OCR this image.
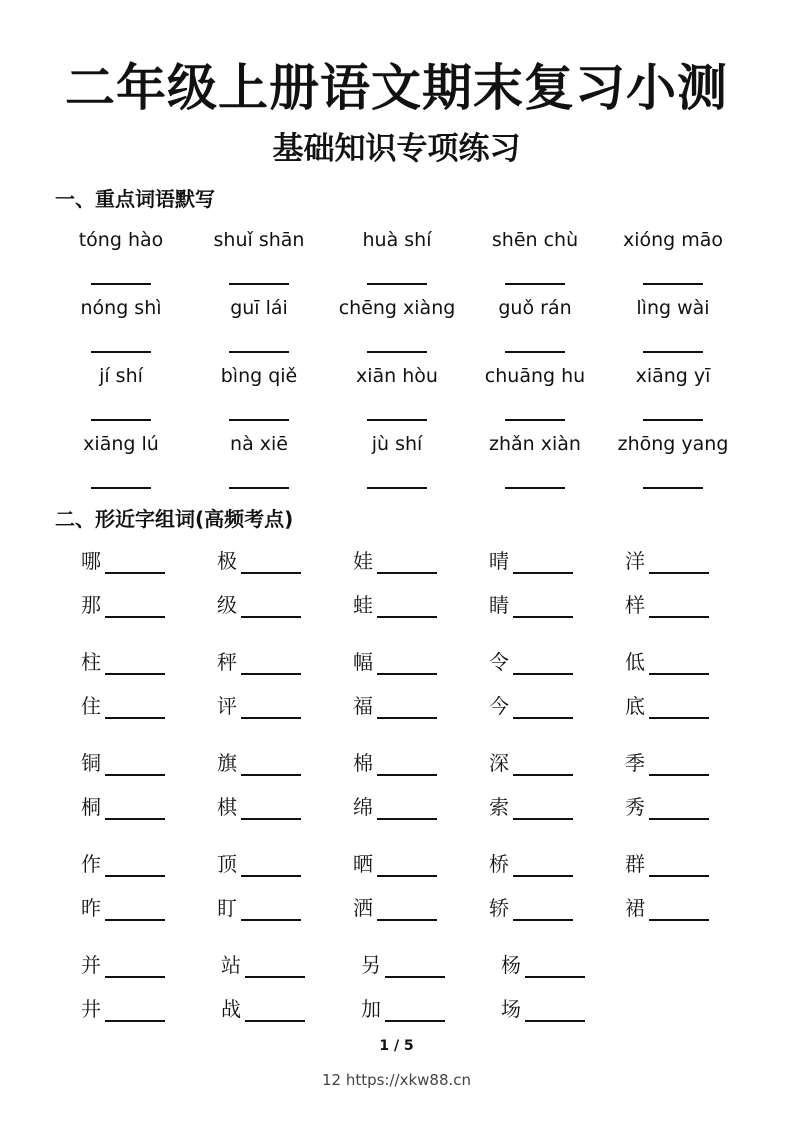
二年级上册语文期末复习小测
基础知识专项练习
一、重点词语默写
tóng hào	shuǐ shān	huà shí	shēn chù	xióng māo
nóng shì	guī lái	chēng xiàng	guǒ rán	lìng wài
jí shí	bìng qiě	xiān hòu	chuāng hu	xiāng yī
xiāng lú	nà xiē	jù shí	zhǎn xiàn	zhōng yang
二、形近字组词(高频考点)
哪	极	娃	晴	洋
那	级	蛙	睛	样
柱	秤	幅	令	低
住	评	福	今	底
铜	旗	棉	深	季
桐	棋	绵	索	秀
作	顶	晒	桥	群
昨	盯	洒	轿	裙
并	站	另	杨
井	战	加	场
1 / 5
12 https://xkw88.cn
